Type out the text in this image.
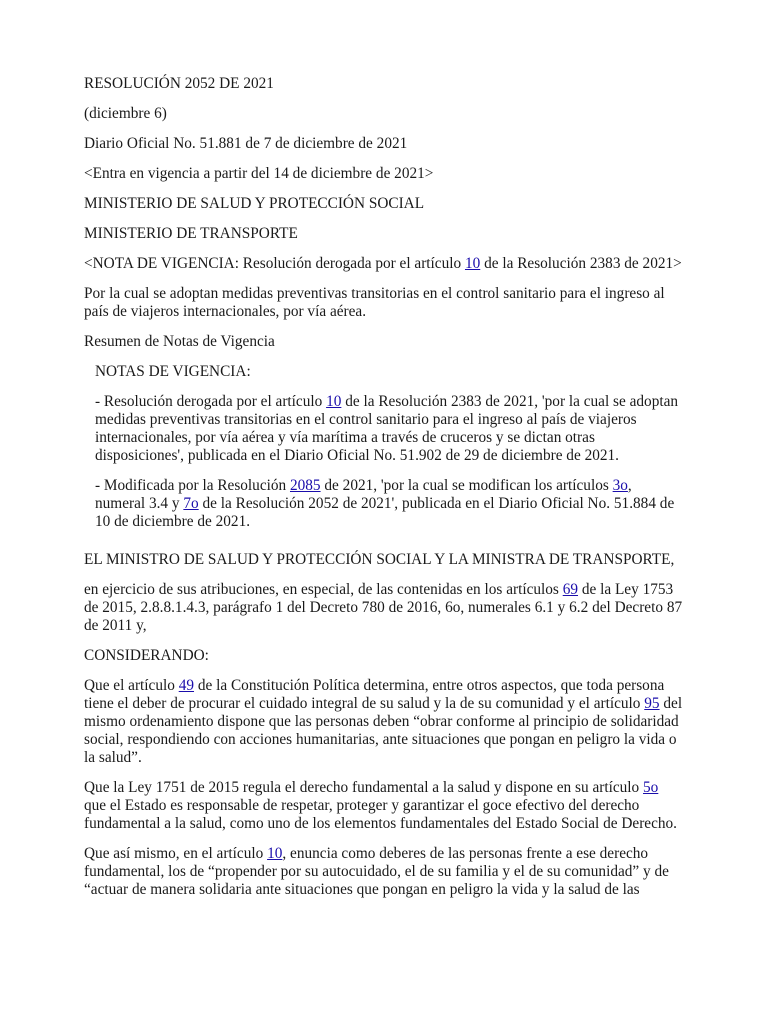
RESOLUCIÓN 2052 DE 2021

(diciembre 6)

Diario Oficial No. 51.881 de 7 de diciembre de 2021

<Entra en vigencia a partir del 14 de diciembre de 2021>

MINISTERIO DE SALUD Y PROTECCIÓN SOCIAL

MINISTERIO DE TRANSPORTE

<NOTA DE VIGENCIA: Resolución derogada por el artículo 10 de la Resolución 2383 de 2021>

Por la cual se adoptan medidas preventivas transitorias en el control sanitario para el ingreso al país de viajeros internacionales, por vía aérea.

Resumen de Notas de Vigencia

NOTAS DE VIGENCIA:

- Resolución derogada por el artículo 10 de la Resolución 2383 de 2021, 'por la cual se adoptan medidas preventivas transitorias en el control sanitario para el ingreso al país de viajeros internacionales, por vía aérea y vía marítima a través de cruceros y se dictan otras disposiciones', publicada en el Diario Oficial No. 51.902 de 29 de diciembre de 2021.

- Modificada por la Resolución 2085 de 2021, 'por la cual se modifican los artículos 3o, numeral 3.4 y 7o de la Resolución 2052 de 2021', publicada en el Diario Oficial No. 51.884 de 10 de diciembre de 2021.

EL MINISTRO DE SALUD Y PROTECCIÓN SOCIAL Y LA MINISTRA DE TRANSPORTE,

en ejercicio de sus atribuciones, en especial, de las contenidas en los artículos 69 de la Ley 1753 de 2015, 2.8.8.1.4.3, parágrafo 1 del Decreto 780 de 2016, 6o, numerales 6.1 y 6.2 del Decreto 87 de 2011 y,

CONSIDERANDO:

Que el artículo 49 de la Constitución Política determina, entre otros aspectos, que toda persona tiene el deber de procurar el cuidado integral de su salud y la de su comunidad y el artículo 95 del mismo ordenamiento dispone que las personas deben “obrar conforme al principio de solidaridad social, respondiendo con acciones humanitarias, ante situaciones que pongan en peligro la vida o la salud”.

Que la Ley 1751 de 2015 regula el derecho fundamental a la salud y dispone en su artículo 5o que el Estado es responsable de respetar, proteger y garantizar el goce efectivo del derecho fundamental a la salud, como uno de los elementos fundamentales del Estado Social de Derecho.

Que así mismo, en el artículo 10, enuncia como deberes de las personas frente a ese derecho fundamental, los de “propender por su autocuidado, el de su familia y el de su comunidad” y de “actuar de manera solidaria ante situaciones que pongan en peligro la vida y la salud de las
